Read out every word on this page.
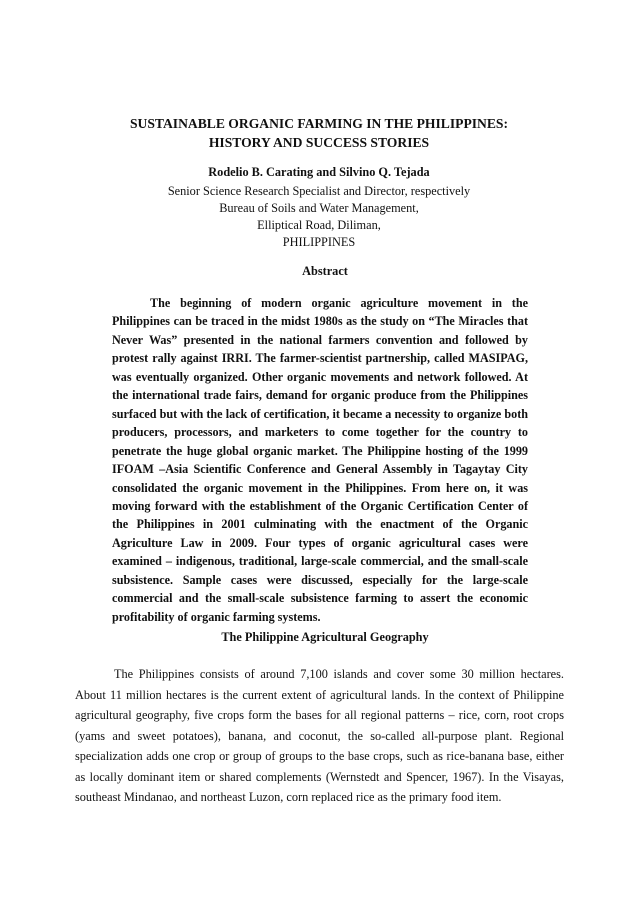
SUSTAINABLE ORGANIC FARMING IN THE PHILIPPINES:
HISTORY AND SUCCESS STORIES
Rodelio B. Carating and Silvino Q. Tejada
Senior Science Research Specialist and Director, respectively
Bureau of Soils and Water Management,
Elliptical Road, Diliman,
PHILIPPINES
Abstract

The beginning of modern organic agriculture movement in the Philippines can be traced in the midst 1980s as the study on “The Miracles that Never Was” presented in the national farmers convention and followed by protest rally against IRRI. The farmer-scientist partnership, called MASIPAG, was eventually organized. Other organic movements and network followed. At the international trade fairs, demand for organic produce from the Philippines surfaced but with the lack of certification, it became a necessity to organize both producers, processors, and marketers to come together for the country to penetrate the huge global organic market. The Philippine hosting of the 1999 IFOAM –Asia Scientific Conference and General Assembly in Tagaytay City consolidated the organic movement in the Philippines. From here on, it was moving forward with the establishment of the Organic Certification Center of the Philippines in 2001 culminating with the enactment of the Organic Agriculture Law in 2009. Four types of organic agricultural cases were examined – indigenous, traditional, large-scale commercial, and the small-scale subsistence. Sample cases were discussed, especially for the large-scale commercial and the small-scale subsistence farming to assert the economic profitability of organic farming systems.

The Philippine Agricultural Geography

The Philippines consists of around 7,100 islands and cover some 30 million hectares. About 11 million hectares is the current extent of agricultural lands. In the context of Philippine agricultural geography, five crops form the bases for all regional patterns – rice, corn, root crops (yams and sweet potatoes), banana, and coconut, the so-called all-purpose plant. Regional specialization adds one crop or group of groups to the base crops, such as rice-banana base, either as locally dominant item or shared complements (Wernstedt and Spencer, 1967). In the Visayas, southeast Mindanao, and northeast Luzon, corn replaced rice as the primary food item.
